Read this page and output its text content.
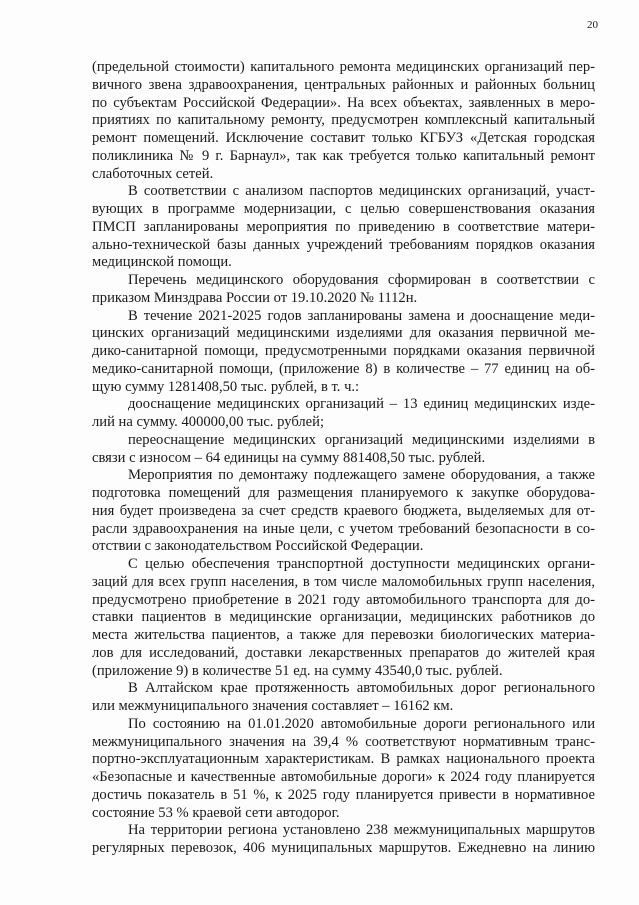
20
(предельной стоимости) капитального ремонта медицинских организаций пер-
вичного звена здравоохранения, центральных районных и районных больниц
по субъектам Российской Федерации». На всех объектах, заявленных в меро-
приятиях по капитальному ремонту, предусмотрен комплексный капитальный
ремонт помещений. Исключение составит только КГБУЗ «Детская городская
поликлиника № 9 г. Барнаул», так как требуется только капитальный ремонт
слаботочных сетей.
В соответствии с анализом паспортов медицинских организаций, участ-
вующих в программе модернизации, с целью совершенствования оказания
ПМСП запланированы мероприятия по приведению в соответствие матери-
ально-технической базы данных учреждений требованиям порядков оказания
медицинской помощи.
Перечень медицинского оборудования сформирован в соответствии с
приказом Минздрава России от 19.10.2020 № 1112н.
В течение 2021-2025 годов запланированы замена и дооснащение меди-
цинских организаций медицинскими изделиями для оказания первичной ме-
дико-санитарной помощи, предусмотренными порядками оказания первичной
медико-санитарной помощи, (приложение 8) в количестве – 77 единиц на об-
щую сумму 1281408,50 тыс. рублей, в т. ч.:
дооснащение медицинских организаций – 13 единиц медицинских изде-
лий на сумму. 400000,00 тыс. рублей;
переоснащение медицинских организаций медицинскими изделиями в
связи с износом – 64 единицы на сумму 881408,50 тыс. рублей.
Мероприятия по демонтажу подлежащего замене оборудования, а также
подготовка помещений для размещения планируемого к закупке оборудова-
ния будет произведена за счет средств краевого бюджета, выделяемых для от-
расли здравоохранения на иные цели, с учетом требований безопасности в со-
отствии с законодательством Российской Федерации.
С целью обеспечения транспортной доступности медицинских органи-
заций для всех групп населения, в том числе маломобильных групп населения,
предусмотрено приобретение в 2021 году автомобильного транспорта для до-
ставки пациентов в медицинские организации, медицинских работников до
места жительства пациентов, а также для перевозки биологических материа-
лов для исследований, доставки лекарственных препаратов до жителей края
(приложение 9) в количестве 51 ед. на сумму 43540,0 тыс. рублей.
В Алтайском крае протяженность автомобильных дорог регионального
или межмуниципального значения составляет – 16162 км.
По состоянию на 01.01.2020 автомобильные дороги регионального или
межмуниципального значения на 39,4 % соответствуют нормативным транс-
портно-эксплуатационным характеристикам. В рамках национального проекта
«Безопасные и качественные автомобильные дороги» к 2024 году планируется
достичь показатель в 51 %, к 2025 году планируется привести в нормативное
состояние 53 % краевой сети автодорог.
На территории региона установлено 238 межмуниципальных маршрутов
регулярных перевозок, 406 муниципальных маршрутов. Ежедневно на линию
